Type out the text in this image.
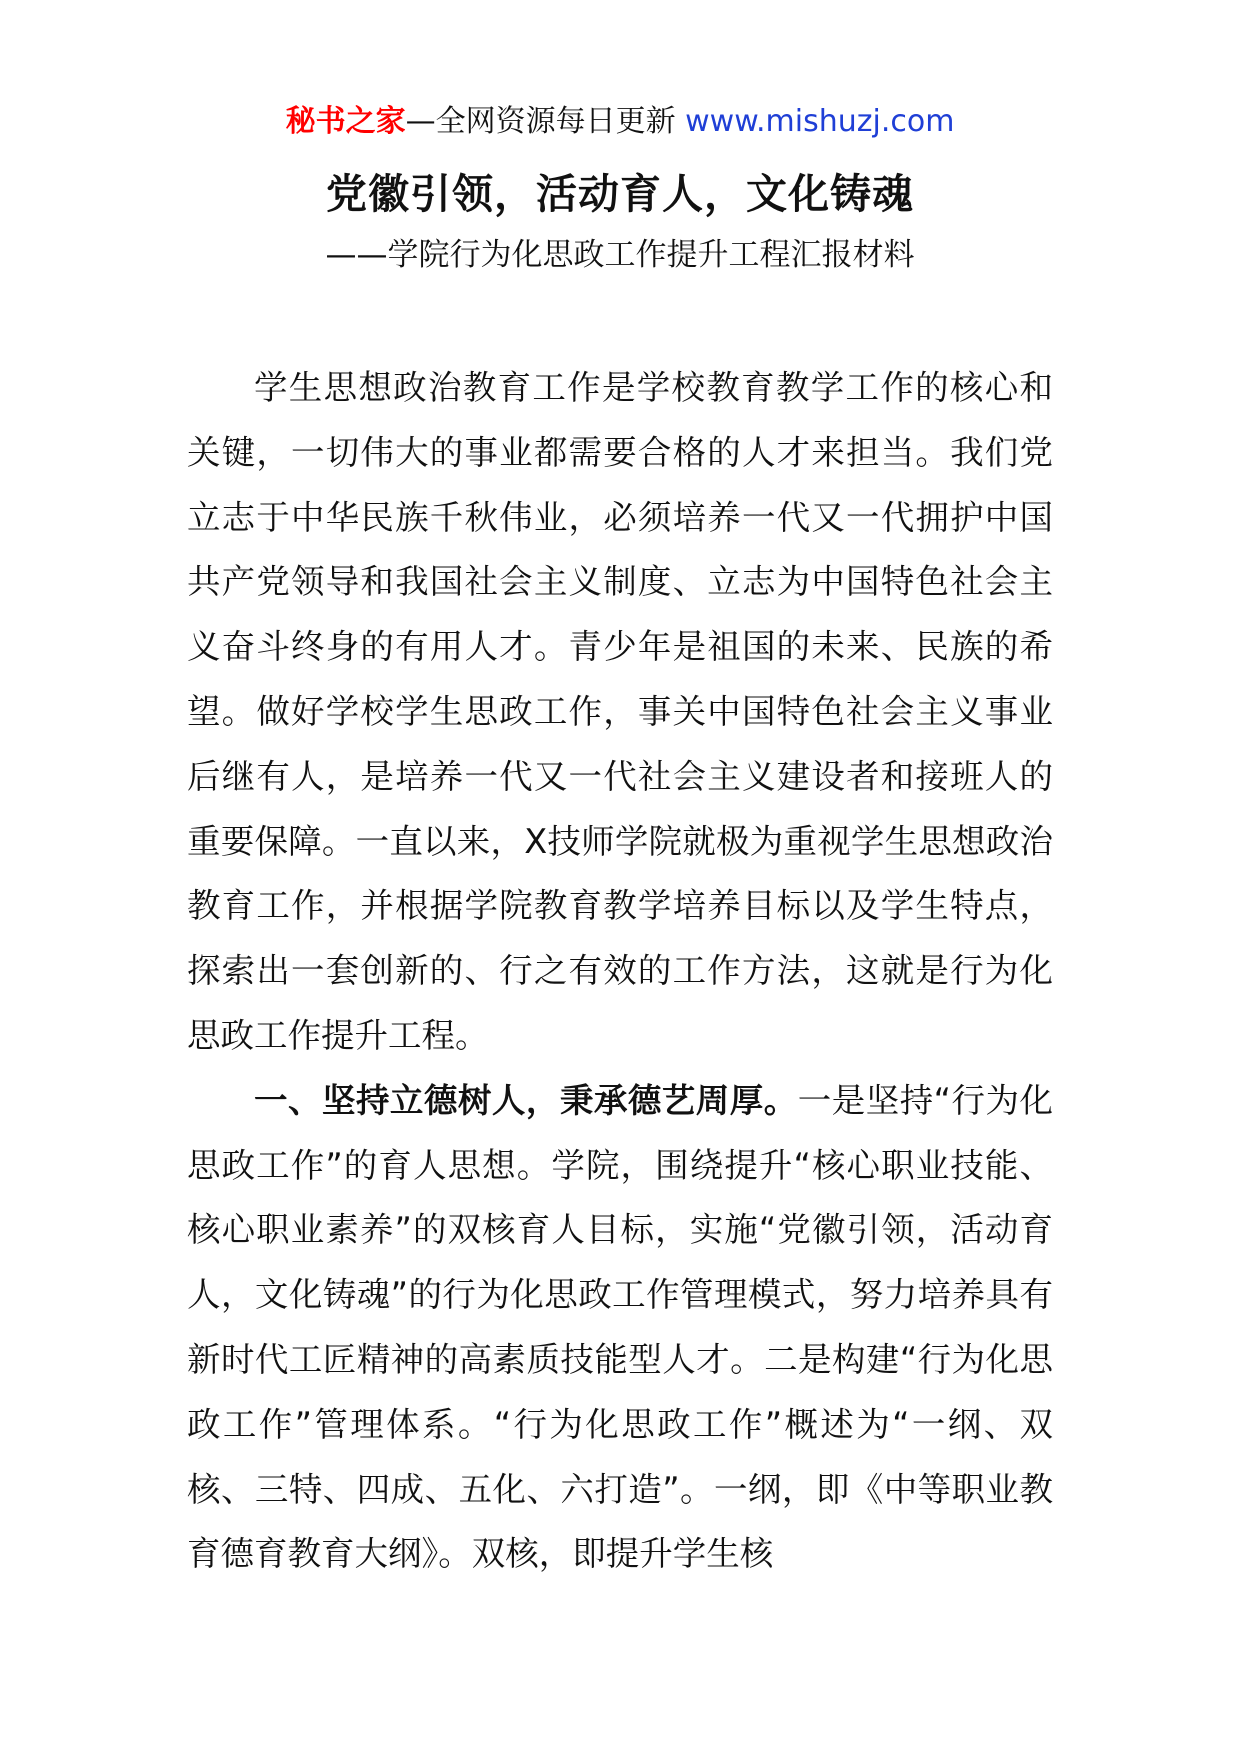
秘书之家—全网资源每日更新 www.mishuzj.com
党徽引领，活动育人，文化铸魂
——学院行为化思政工作提升工程汇报材料

学生思想政治教育工作是学校教育教学工作的核心和关键，一切伟大的事业都需要合格的人才来担当。我们党立志于中华民族千秋伟业，必须培养一代又一代拥护中国共产党领导和我国社会主义制度、立志为中国特色社会主义奋斗终身的有用人才。青少年是祖国的未来、民族的希望。做好学校学生思政工作，事关中国特色社会主义事业后继有人，是培养一代又一代社会主义建设者和接班人的重要保障。一直以来，X技师学院就极为重视学生思想政治教育工作，并根据学院教育教学培养目标以及学生特点，探索出一套创新的、行之有效的工作方法，这就是行为化思政工作提升工程。

一、坚持立德树人，秉承德艺周厚。一是坚持“行为化思政工作”的育人思想。学院，围绕提升“核心职业技能、核心职业素养”的双核育人目标，实施“党徽引领，活动育人，文化铸魂”的行为化思政工作管理模式，努力培养具有新时代工匠精神的高素质技能型人才。二是构建“行为化思政工作”管理体系。“行为化思政工作”概述为“一纲、双核、三特、四成、五化、六打造”。一纲，即《中等职业教育德育教育大纲》。双核，即提升学生核
